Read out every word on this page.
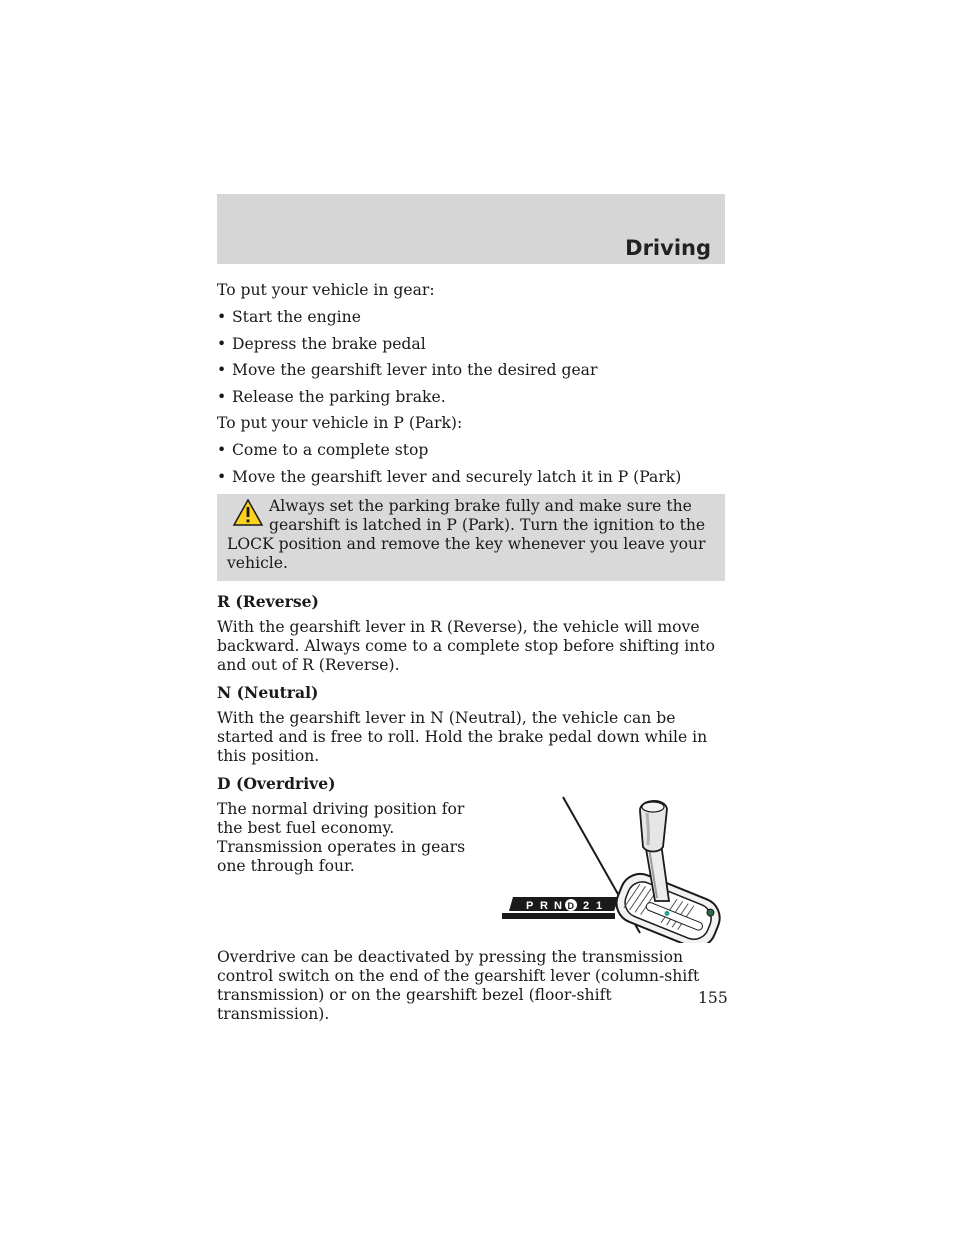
Driving

To put your vehicle in gear:

• Start the engine
• Depress the brake pedal
• Move the gearshift lever into the desired gear
• Release the parking brake.

To put your vehicle in P (Park):

• Come to a complete stop
• Move the gearshift lever and securely latch it in P (Park)

Always set the parking brake fully and make sure the gearshift is latched in P (Park). Turn the ignition to the LOCK position and remove the key whenever you leave your vehicle.

R (Reverse)

With the gearshift lever in R (Reverse), the vehicle will move backward. Always come to a complete stop before shifting into and out of R (Reverse).

N (Neutral)

With the gearshift lever in N (Neutral), the vehicle can be started and is free to roll. Hold the brake pedal down while in this position.

D (Overdrive)

The normal driving position for the best fuel economy. Transmission operates in gears one through four.

P R N D 2 1

Overdrive can be deactivated by pressing the transmission control switch on the end of the gearshift lever (column-shift transmission) or on the gearshift bezel (floor-shift transmission).

155
